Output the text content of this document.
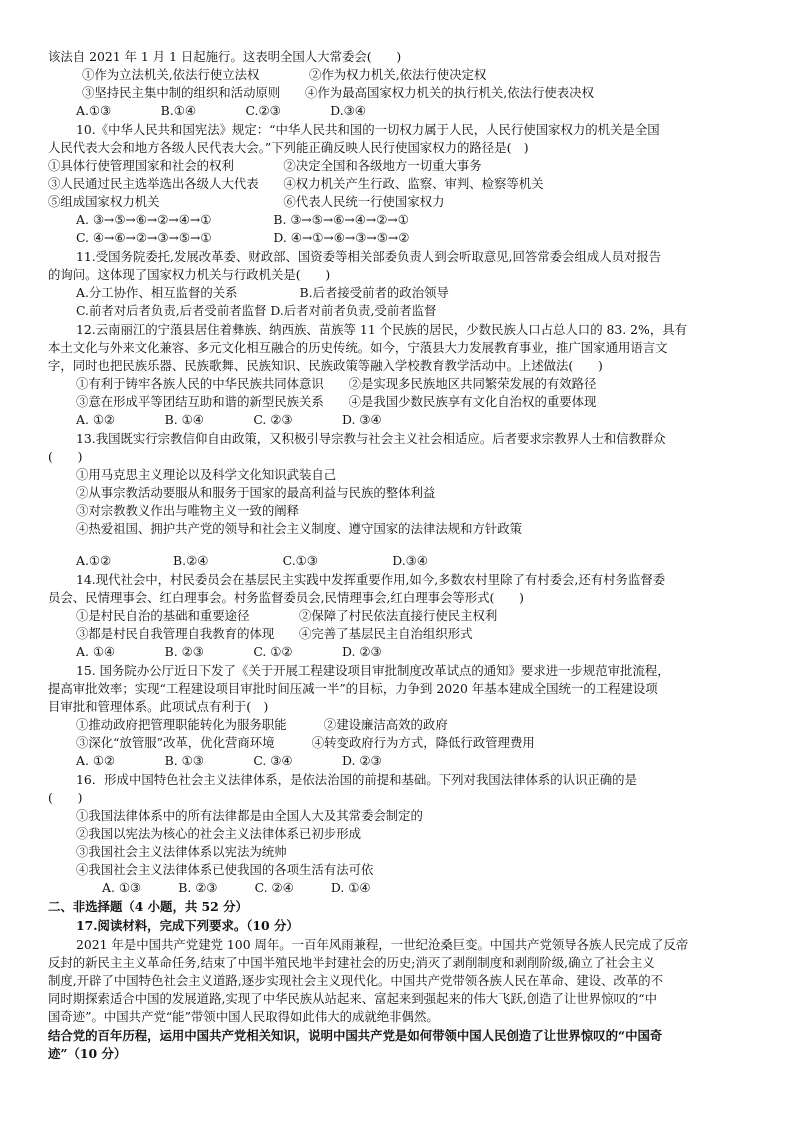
该法自 2021 年 1 月 1 日起施行。这表明全国人大常委会(　　)
①作为立法机关,依法行使立法权　　　　②作为权力机关,依法行使决定权
③坚持民主集中制的组织和活动原则　　④作为最高国家权力机关的执行机关,依法行使表决权
A.①③　　　　B.①④　　　　C.②③　　　　D.③④
10.《中华人民共和国宪法》规定：“中华人民共和国的一切权力属于人民，人民行使国家权力的机关是全国
人民代表大会和地方各级人民代表大会。”下列能正确反映人民行使国家权力的路径是(　)
①具体行使管理国家和社会的权利　　　　②决定全国和各级地方一切重大事务
③人民通过民主选举选出各级人大代表　　④权力机关产生行政、监察、审判、检察等机关
⑤组成国家权力机关　　　　　　　　　　⑥代表人民统一行使国家权力
A. ③→⑤→⑥→②→④→①　　　　　B. ③→⑤→⑥→④→②→①
C. ④→⑥→②→③→⑤→①　　　　　D. ④→①→⑥→③→⑤→②
11.受国务院委托,发展改革委、财政部、国资委等相关部委负责人到会听取意见,回答常委会组成人员对报告
的询问。这体现了国家权力机关与行政机关是(　　)
A.分工协作、相互监督的关系　　　　　B.后者接受前者的政治领导
C.前者对后者负责,后者受前者监督 D.后者对前者负责,受前者监督
12.云南丽江的宁蒗县居住着彝族、纳西族、苗族等 11 个民族的居民，少数民族人口占总人口的 83. 2%，具有
本土文化与外来文化兼容、多元文化相互融合的历史传统。如今，宁蒗县大力发展教育事业，推广国家通用语言文
字，同时也把民族乐器、民族歌舞、民族知识、民族政策等融入学校教育教学活动中。上述做法(　　)
①有利于铸牢各族人民的中华民族共同体意识　　②是实现多民族地区共同繁荣发展的有效路径
③意在形成平等团结互助和谐的新型民族关系　　④是我国少数民族享有文化自治权的重要体现
A. ①②　　　　B. ①④　　　　C. ②③　　　　D. ③④
13.我国既实行宗教信仰自由政策，又积极引导宗教与社会主义社会相适应。后者要求宗教界人士和信教群众
(　　)
①用马克思主义理论以及科学文化知识武装自己
②从事宗教活动要服从和服务于国家的最高利益与民族的整体利益
③对宗教教义作出与唯物主义一致的阐释
④热爱祖国、拥护共产党的领导和社会主义制度、遵守国家的法律法规和方针政策
A.①②　　　　　B.②④　　　　　　C.①③　　　　　　D.③④
14.现代社会中，村民委员会在基层民主实践中发挥重要作用,如今,多数农村里除了有村委会,还有村务监督委
员会、民情理事会、红白理事会。村务监督委员会,民情理事会,红白理事会等形式(　　)
①是村民自治的基础和重要途径　　　　②保障了村民依法直接行使民主权利
③都是村民自我管理自我教育的体现　　④完善了基层民主自治组织形式
A. ①④　　　　B. ②③　　　　C. ①②　　　　D. ②③
15. 国务院办公厅近日下发了《关于开展工程建设项目审批制度改革试点的通知》要求进一步规范审批流程，
提高审批效率；实现“工程建设项目审批时间压减一半”的目标，力争到 2020 年基本建成全国统一的工程建设项
目审批和管理体系。此项试点有利于(　)
①推动政府把管理职能转化为服务职能　　　②建设廉洁高效的政府
③深化“放管服”改革，优化营商环境　　　④转变政府行为方式，降低行政管理费用
A. ①②　　　　B. ①③　　　　C. ③④　　　　D. ②③
16．形成中国特色社会主义法律体系，是依法治国的前提和基础。下列对我国法律体系的认识正确的是
(　　)
①我国法律体系中的所有法律都是由全国人大及其常委会制定的
②我国以宪法为核心的社会主义法律体系已初步形成
③我国社会主义法律体系以宪法为统帅
④我国社会主义法律体系已使我国的各项生活有法可依
A. ①③　　　B. ②③　　　C. ②④　　　D. ①④
二、非选择题（4 小题，共 52 分）
17.阅读材料，完成下列要求。（10 分）
2021 年是中国共产党建党 100 周年。一百年风雨兼程，一世纪沧桑巨变。中国共产党领导各族人民完成了反帝
反封的新民主主义革命任务,结束了中国半殖民地半封建社会的历史;消灭了剥削制度和剥削阶级,确立了社会主义
制度,开辟了中国特色社会主义道路,逐步实现社会主义现代化。中国共产党带领各族人民在革命、建设、改革的不
同时期探索适合中国的发展道路,实现了中华民族从站起来、富起来到强起来的伟大飞跃,创造了让世界惊叹的“中
国奇迹”。中国共产党“能”带领中国人民取得如此伟大的成就绝非偶然。
结合党的百年历程，运用中国共产党相关知识，说明中国共产党是如何带领中国人民创造了让世界惊叹的“中国奇
迹”（10 分）
